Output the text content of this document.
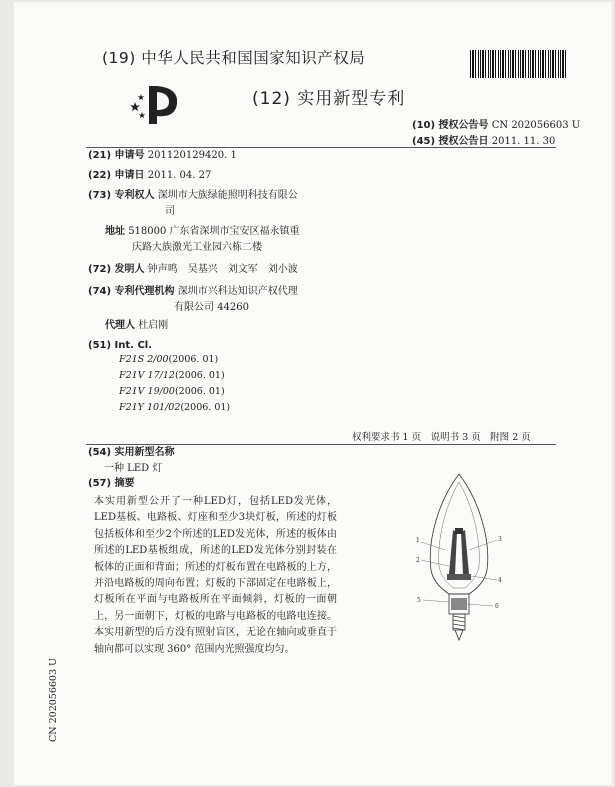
(19) 中华人民共和国国家知识产权局
(12) 实用新型专利
(10) 授权公告号 CN 202056603 U
(45) 授权公告日 2011. 11. 30
(21) 申请号 201120129420. 1
(22) 申请日 2011. 04. 27
(73) 专利权人 深圳市大族绿能照明科技有限公
司
地址 518000 广东省深圳市宝安区福永镇重
庆路大族激光工业园六栋二楼
(72) 发明人 钟声鸣　吴基兴　刘文军　刘小波
(74) 专利代理机构 深圳市兴科达知识产权代理
有限公司 44260
代理人 杜启刚
(51) Int. Cl.
F21S 2/00(2006. 01)
F21V 17/12(2006. 01)
F21V 19/00(2006. 01)
F21Y 101/02(2006. 01)
权利要求书 1 页　说明书 3 页　附图 2 页
(54) 实用新型名称
一种 LED 灯
(57) 摘要
本实用新型公开了一种LED灯，包括LED发光体，LED基板、电路板、灯座和至少3块灯板，所述的灯板包括板体和至少2个所述的LED发光体，所述的板体由所述的LED基板组成，所述的LED发光体分别封装在板体的正面和背面；所述的灯板布置在电路板的上方，并沿电路板的周向布置；灯板的下部固定在电路板上，灯板所在平面与电路板所在平面倾斜，灯板的一面朝上，另一面朝下，灯板的电路与电路板的电路电连接。本实用新型的后方没有照射盲区，无论在轴向或垂直于轴向都可以实现 360° 范围内光照强度均匀。
1
2
3
4
5
6
CN 202056603 U
